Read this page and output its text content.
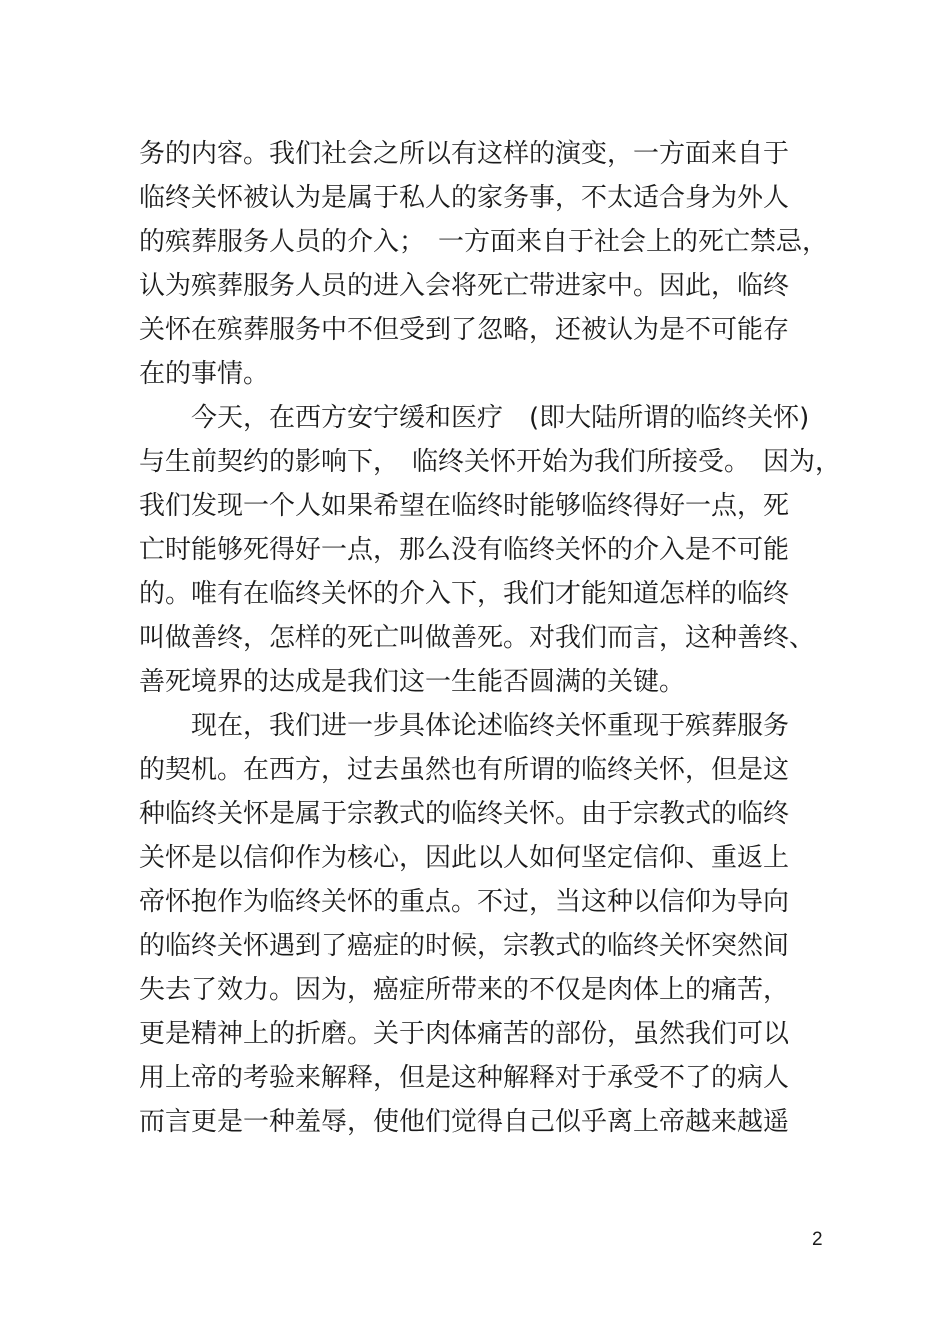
务的内容。我们社会之所以有这样的演变，一方面来自于
临终关怀被认为是属于私人的家务事，不太适合身为外人
的殡葬服务人员的介入；　一方面来自于社会上的死亡禁忌，
认为殡葬服务人员的进入会将死亡带进家中。因此，临终
关怀在殡葬服务中不但受到了忽略，还被认为是不可能存
在的事情。
　　今天，在西方安宁缓和医疗　(即大陆所谓的临终关怀)
与生前契约的影响下，　临终关怀开始为我们所接受。　因为，
我们发现一个人如果希望在临终时能够临终得好一点，死
亡时能够死得好一点，那么没有临终关怀的介入是不可能
的。唯有在临终关怀的介入下，我们才能知道怎样的临终
叫做善终，怎样的死亡叫做善死。对我们而言，这种善终、
善死境界的达成是我们这一生能否圆满的关键。
　　现在，我们进一步具体论述临终关怀重现于殡葬服务
的契机。在西方，过去虽然也有所谓的临终关怀，但是这
种临终关怀是属于宗教式的临终关怀。由于宗教式的临终
关怀是以信仰作为核心，因此以人如何坚定信仰、重返上
帝怀抱作为临终关怀的重点。不过，当这种以信仰为导向
的临终关怀遇到了癌症的时候，宗教式的临终关怀突然间
失去了效力。因为，癌症所带来的不仅是肉体上的痛苦，
更是精神上的折磨。关于肉体痛苦的部份，虽然我们可以
用上帝的考验来解释，但是这种解释对于承受不了的病人
而言更是一种羞辱，使他们觉得自己似乎离上帝越来越遥
2
